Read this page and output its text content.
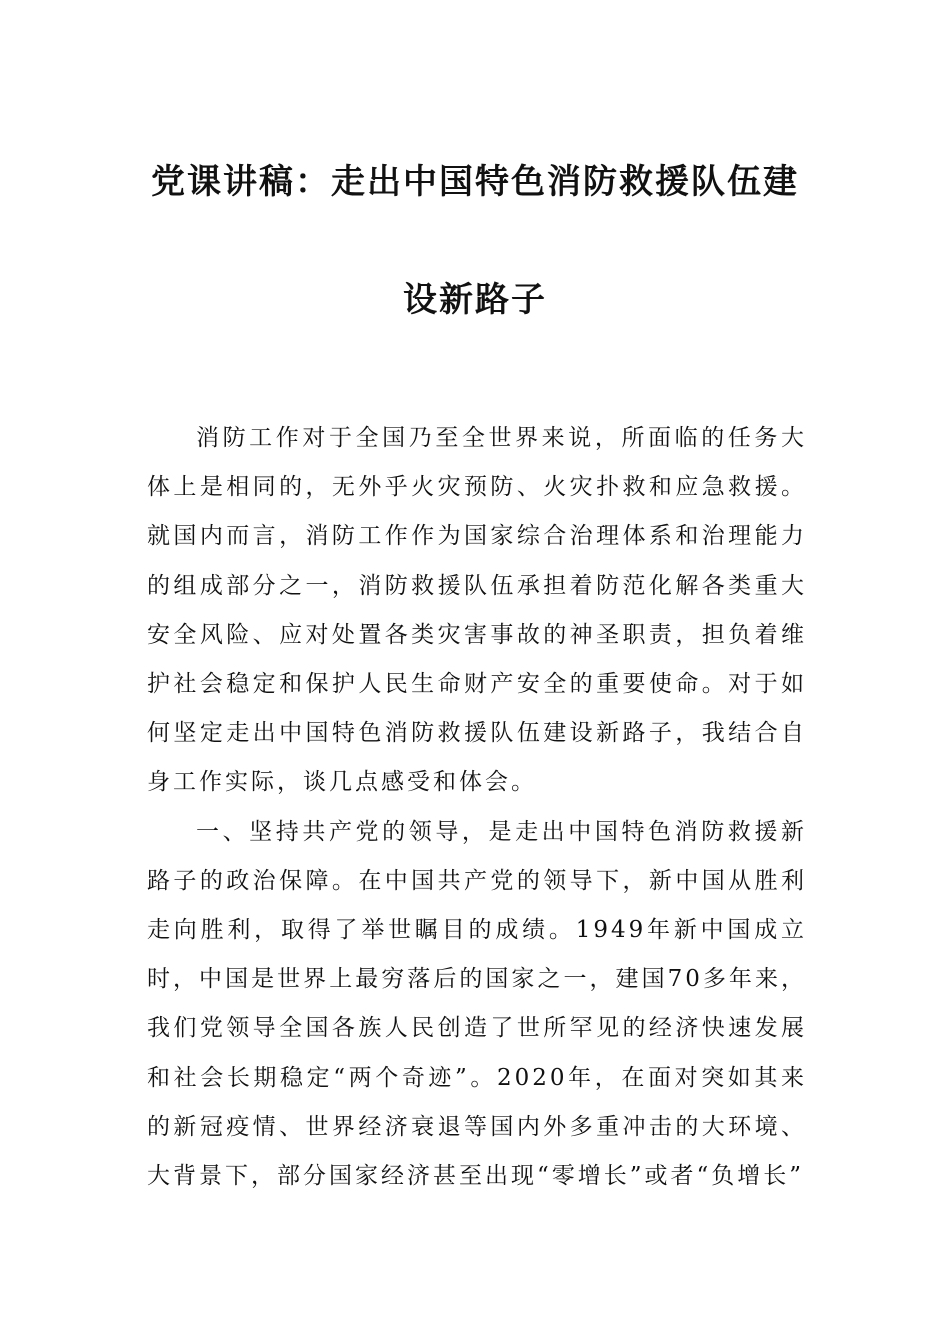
党课讲稿：走出中国特色消防救援队伍建
设新路子

消防工作对于全国乃至全世界来说，所面临的任务大体上是相同的，无外乎火灾预防、火灾扑救和应急救援。就国内而言，消防工作作为国家综合治理体系和治理能力的组成部分之一，消防救援队伍承担着防范化解各类重大安全风险、应对处置各类灾害事故的神圣职责，担负着维护社会稳定和保护人民生命财产安全的重要使命。对于如何坚定走出中国特色消防救援队伍建设新路子，我结合自身工作实际，谈几点感受和体会。

一、坚持共产党的领导，是走出中国特色消防救援新路子的政治保障。在中国共产党的领导下，新中国从胜利走向胜利，取得了举世瞩目的成绩。1949年新中国成立时，中国是世界上最穷落后的国家之一，建国70多年来，我们党领导全国各族人民创造了世所罕见的经济快速发展和社会长期稳定“两个奇迹”。2020年，在面对突如其来的新冠疫情、世界经济衰退等国内外多重冲击的大环境、大背景下，部分国家经济甚至出现“零增长”或者“负增长”
